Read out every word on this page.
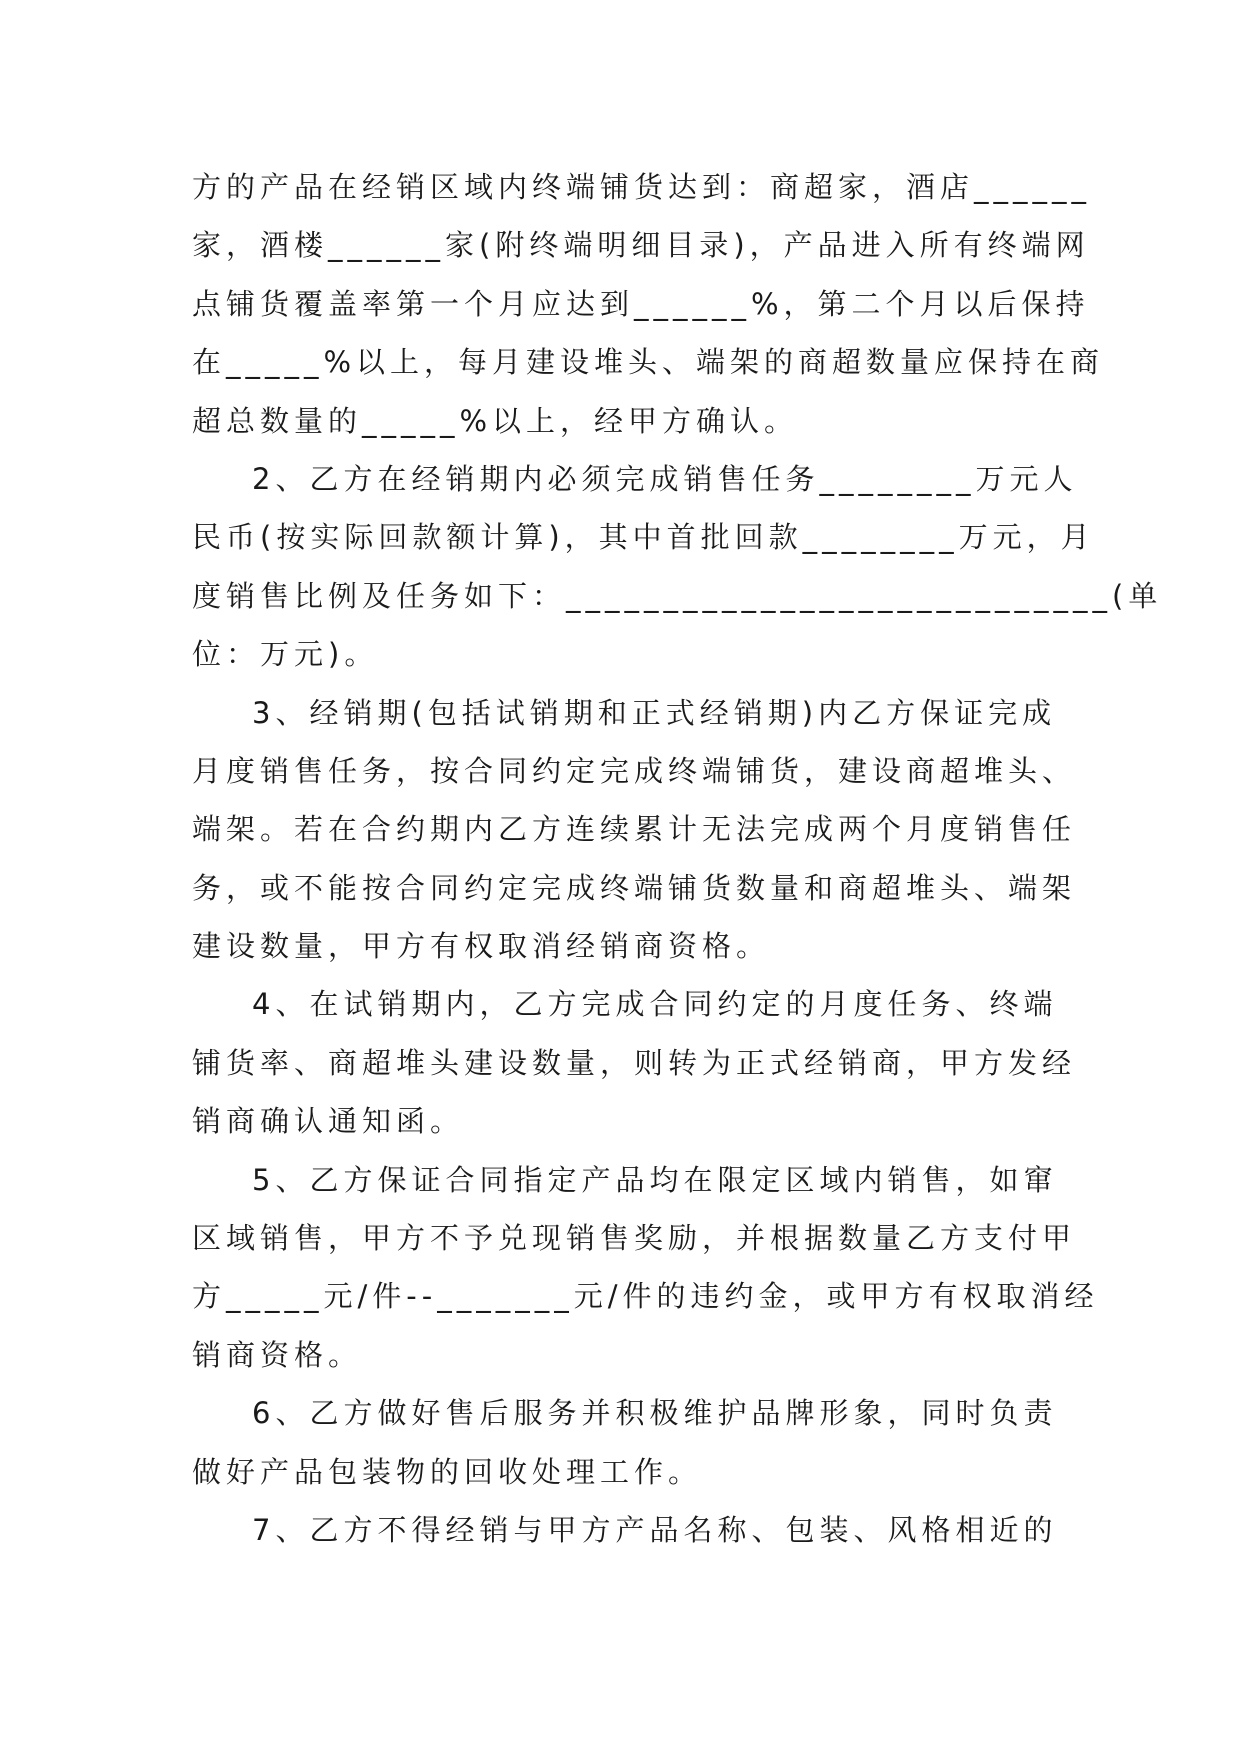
方的产品在经销区域内终端铺货达到：商超家，酒店______
家，酒楼______家(附终端明细目录)，产品进入所有终端网
点铺货覆盖率第一个月应达到______%，第二个月以后保持
在_____%以上，每月建设堆头、端架的商超数量应保持在商
超总数量的_____%以上，经甲方确认。
2、乙方在经销期内必须完成销售任务________万元人
民币(按实际回款额计算)，其中首批回款________万元，月
度销售比例及任务如下：____________________________(单
位：万元)。
3、经销期(包括试销期和正式经销期)内乙方保证完成
月度销售任务，按合同约定完成终端铺货，建设商超堆头、
端架。若在合约期内乙方连续累计无法完成两个月度销售任
务，或不能按合同约定完成终端铺货数量和商超堆头、端架
建设数量，甲方有权取消经销商资格。
4、在试销期内，乙方完成合同约定的月度任务、终端
铺货率、商超堆头建设数量，则转为正式经销商，甲方发经
销商确认通知函。
5、乙方保证合同指定产品均在限定区域内销售，如窜
区域销售，甲方不予兑现销售奖励，并根据数量乙方支付甲
方_____元/件--_______元/件的违约金，或甲方有权取消经
销商资格。
6、乙方做好售后服务并积极维护品牌形象，同时负责
做好产品包装物的回收处理工作。
7、乙方不得经销与甲方产品名称、包装、风格相近的
